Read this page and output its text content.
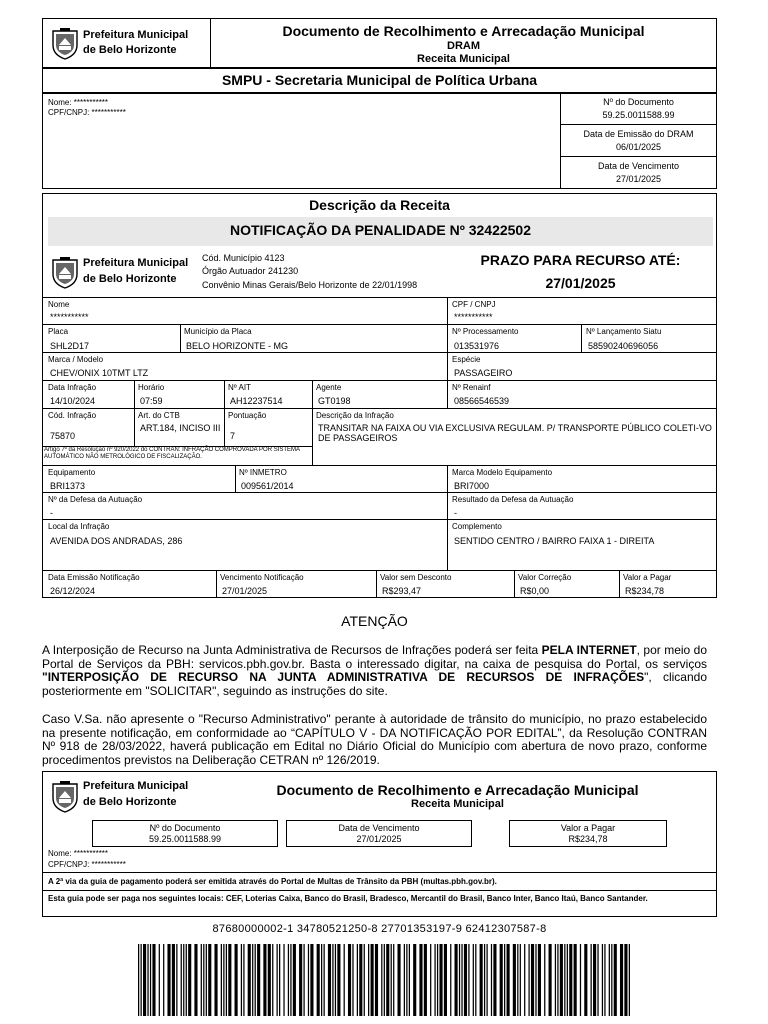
Prefeitura Municipal
de Belo Horizonte
Documento de Recolhimento e Arrecadação Municipal
DRAM
Receita Municipal
SMPU - Secretaria Municipal de Política Urbana
Nome: ***********
CPF/CNPJ: ***********
Nº do Documento
59.25.0011588.99
Data de Emissão do DRAM
06/01/2025
Data de Vencimento
27/01/2025
Descrição da Receita
NOTIFICAÇÃO DA PENALIDADE Nº 32422502
Prefeitura Municipal
de Belo Horizonte
Cód. Município 4123
Órgão Autuador 241230
Convênio Minas Gerais/Belo Horizonte de 22/01/1998
PRAZO PARA RECURSO ATÉ:
27/01/2025
Nome
***********
CPF / CNPJ
***********
Placa
SHL2D17
Município da Placa
BELO HORIZONTE - MG
Nº Processamento
013531976
Nº Lançamento Siatu
58590240696056
Marca / Modelo
CHEV/ONIX 10TMT LTZ
Espécie
PASSAGEIRO
Data Infração
14/10/2024
Horário
07:59
Nº AIT
AH12237514
Agente
GT0198
Nº Renainf
08566546539
Cód. Infração
75870
Art. do CTB
ART.184, INCISO III
Pontuação
7
Descrição da Infração
TRANSITAR NA FAIXA OU VIA EXCLUSIVA REGULAM. P/ TRANSPORTE PÚBLICO COLETI-VO DE PASSAGEIROS
Artigo 7º da Resolução nº 920/2022 do CONTRAN: INFRAÇÃO COMPROVADA POR SISTEMA AUTOMÁTICO NÃO METROLÓGICO DE FISCALIZAÇÃO.
Equipamento
BRI1373
Nº INMETRO
009561/2014
Marca Modelo Equipamento
BRI7000
Nº da Defesa da Autuação
-
Resultado da Defesa da Autuação
-
Local da Infração
AVENIDA DOS ANDRADAS, 286
Complemento
SENTIDO CENTRO / BAIRRO FAIXA 1 - DIREITA
Data Emissão Notificação
26/12/2024
Vencimento Notificação
27/01/2025
Valor sem Desconto
R$293,47
Valor Correção
R$0,00
Valor a Pagar
R$234,78
ATENÇÃO
A Interposição de Recurso na Junta Administrativa de Recursos de Infrações poderá ser feita PELA INTERNET, por meio do Portal de Serviços da PBH: servicos.pbh.gov.br. Basta o interessado digitar, na caixa de pesquisa do Portal, os serviços "INTERPOSIÇÃO DE RECURSO NA JUNTA ADMINISTRATIVA DE RECURSOS DE INFRAÇÕES", clicando posteriormente em "SOLICITAR", seguindo as instruções do site.
Caso V.Sa. não apresente o "Recurso Administrativo" perante à autoridade de trânsito do município, no prazo estabelecido na presente notificação, em conformidade ao “CAPÍTULO V - DA NOTIFICAÇÃO POR EDITAL”, da Resolução CONTRAN Nº 918 de 28/03/2022, haverá publicação em Edital no Diário Oficial do Município com abertura de novo prazo, conforme procedimentos previstos na Deliberação CETRAN nº 126/2019.
Prefeitura Municipal
de Belo Horizonte
Documento de Recolhimento e Arrecadação Municipal
Receita Municipal
Nº do Documento
59.25.0011588.99
Data de Vencimento
27/01/2025
Valor a Pagar
R$234,78
Nome: ***********
CPF/CNPJ: ***********
A 2ª via da guia de pagamento poderá ser emitida através do Portal de Multas de Trânsito da PBH (multas.pbh.gov.br).
Esta guia pode ser paga nos seguintes locais: CEF, Loterias Caixa, Banco do Brasil, Bradesco, Mercantil do Brasil, Banco Inter, Banco Itaú, Banco Santander.
87680000002-1 34780521250-8 27701353197-9 62412307587-8
